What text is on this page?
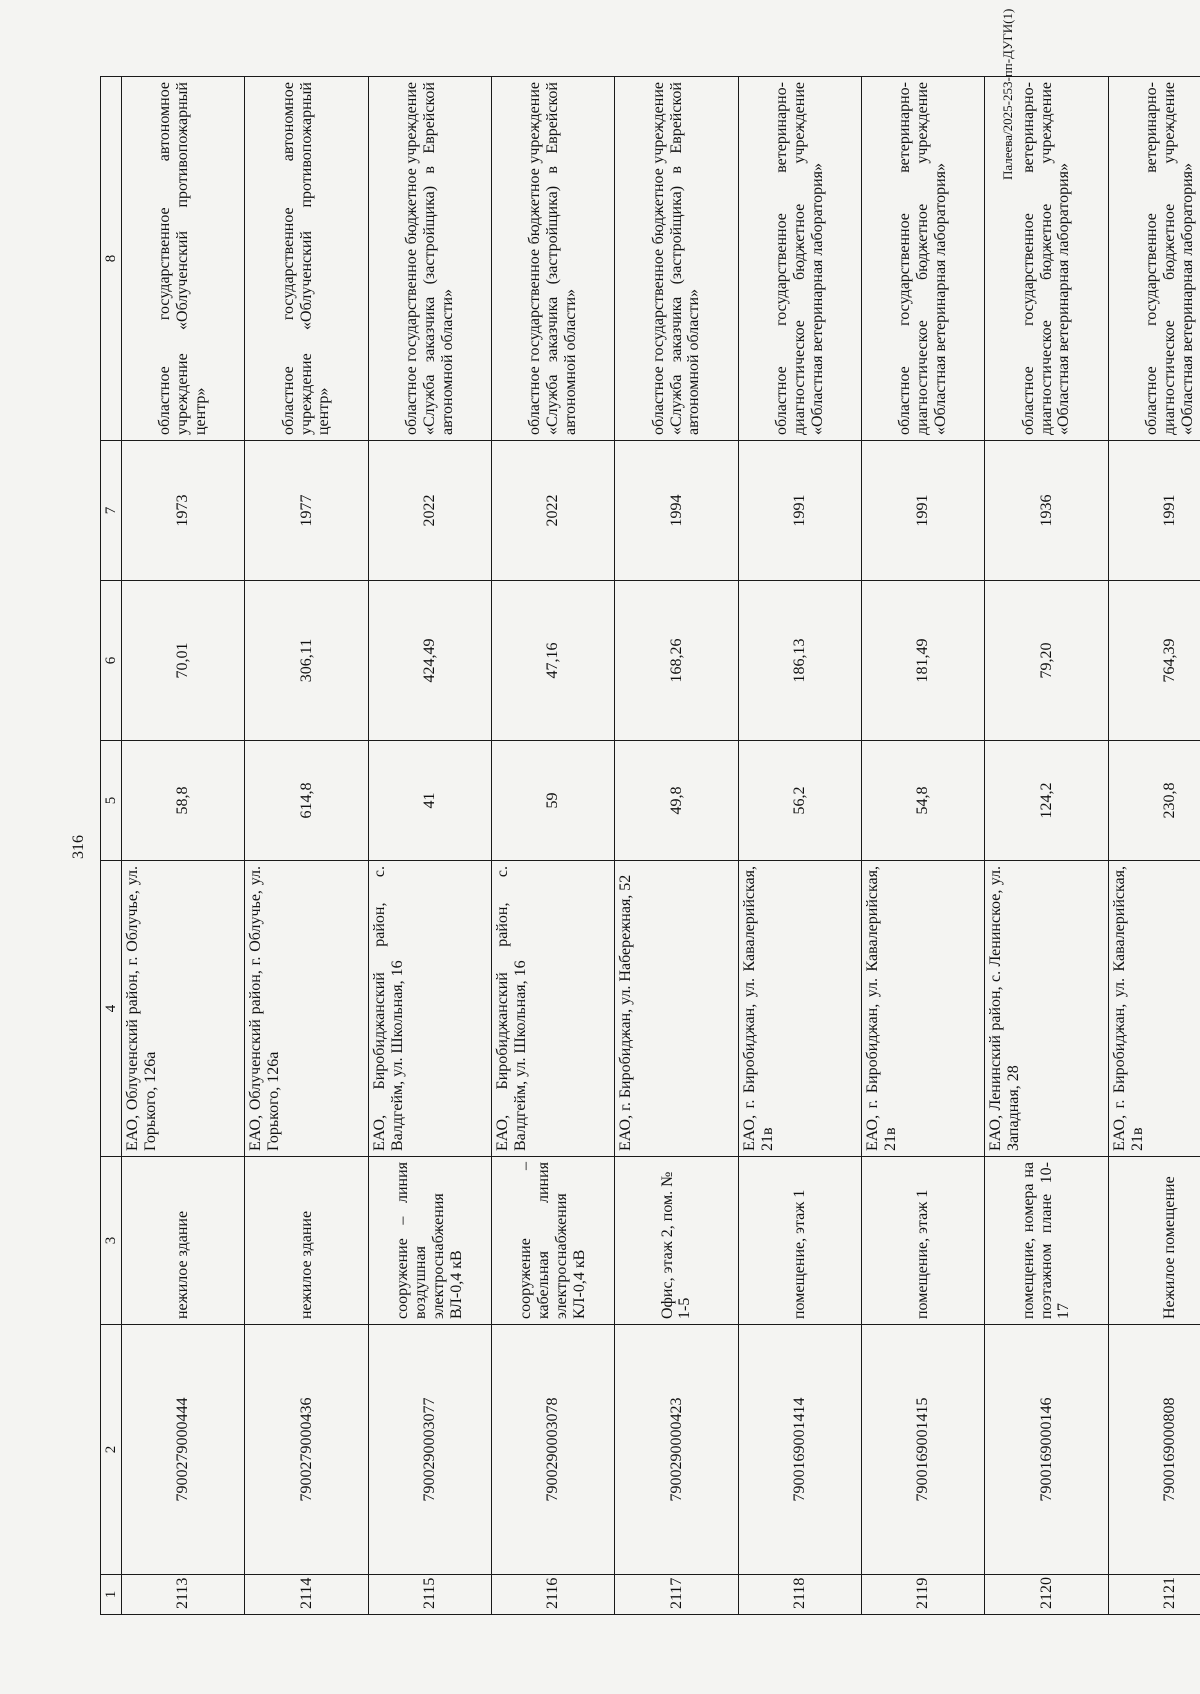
316
Палеева/2025-253-пп-ДУГИ(1)
1	2	3	4	5	6	7	8
2113	7900279000444	нежилое здание	ЕАО, Облученский район, г. Облучье, ул. Горького, 126а	58,8	70,01	1973	областное государственное автономное учреждение «Облученский противопожарный центр»
2114	7900279000436	нежилое здание	ЕАО, Облученский район, г. Облучье, ул. Горького, 126а	614,8	306,11	1977	областное государственное автономное учреждение «Облученский противопожарный центр»
2115	7900290003077	сооружение – линия воздушная электроснабжения ВЛ-0,4 кВ	ЕАО, Биробиджанский район, с. Валдгейм, ул. Школьная, 16	41	424,49	2022	областное государственное бюджетное учреждение «Служба заказчика (застройщика) в Еврейской автономной области»
2116	7900290003078	сооружение – кабельная линия электроснабжения КЛ-0,4 кВ	ЕАО, Биробиджанский район, с. Валдгейм, ул. Школьная, 16	59	47,16	2022	областное государственное бюджетное учреждение «Служба заказчика (застройщика) в Еврейской автономной области»
2117	7900290000423	Офис, этаж 2, пом. № 1-5	ЕАО, г. Биробиджан, ул. Набережная, 52	49,8	168,26	1994	областное государственное бюджетное учреждение «Служба заказчика (застройщика) в Еврейской автономной области»
2118	7900169001414	помещение, этаж 1	ЕАО, г. Биробиджан, ул. Кавалерийская, 21в	56,2	186,13	1991	областное государственное ветеринарно-диагностическое бюджетное учреждение «Областная ветеринарная лаборатория»
2119	7900169001415	помещение, этаж 1	ЕАО, г. Биробиджан, ул. Кавалерийская, 21в	54,8	181,49	1991	областное государственное ветеринарно-диагностическое бюджетное учреждение «Областная ветеринарная лаборатория»
2120	7900169000146	помещение, номера на поэтажном плане 10-17	ЕАО, Ленинский район, с. Ленинское, ул. Западная, 28	124,2	79,20	1936	областное государственное ветеринарно-диагностическое бюджетное учреждение «Областная ветеринарная лаборатория»
2121	7900169000808	Нежилое помещение	ЕАО, г. Биробиджан, ул. Кавалерийская, 21в	230,8	764,39	1991	областное государственное ветеринарно-диагностическое бюджетное учреждение «Областная ветеринарная лаборатория»
